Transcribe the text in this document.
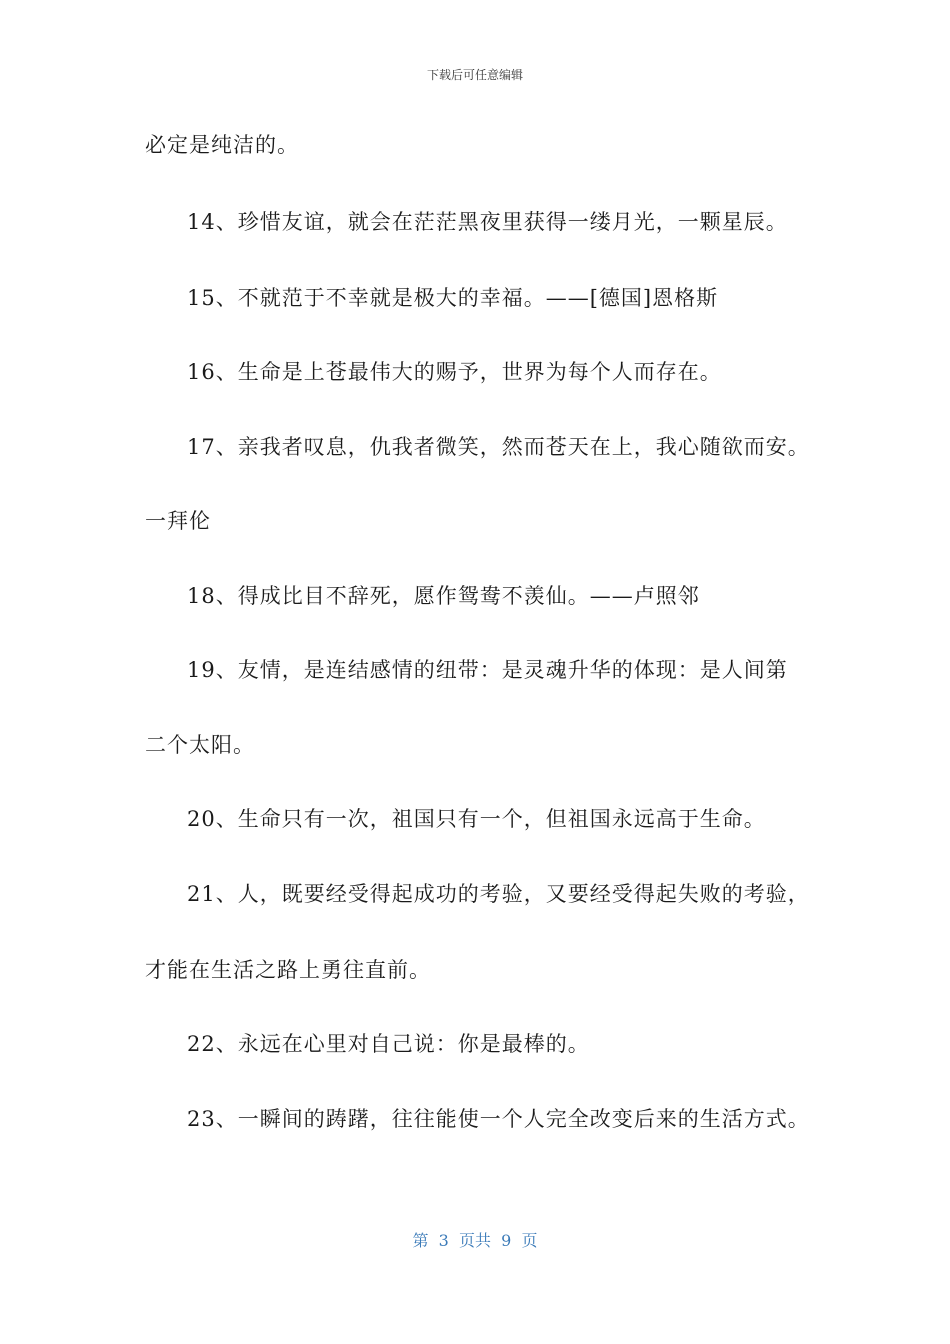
下载后可任意编辑
必定是纯洁的。
14、珍惜友谊，就会在茫茫黑夜里获得一缕月光，一颗星辰。
15、不就范于不幸就是极大的幸福。——[德国]恩格斯
16、生命是上苍最伟大的赐予，世界为每个人而存在。
17、亲我者叹息，仇我者微笑，然而苍天在上，我心随欲而安。
一拜伦
18、得成比目不辞死，愿作鸳鸯不羡仙。——卢照邻
19、友情，是连结感情的纽带：是灵魂升华的体现：是人间第
二个太阳。
20、生命只有一次，祖国只有一个，但祖国永远高于生命。
21、人，既要经受得起成功的考验，又要经受得起失败的考验，
才能在生活之路上勇往直前。
22、永远在心里对自己说：你是最棒的。
23、一瞬间的踌躇，往往能使一个人完全改变后来的生活方式。
第  3  页共  9  页
